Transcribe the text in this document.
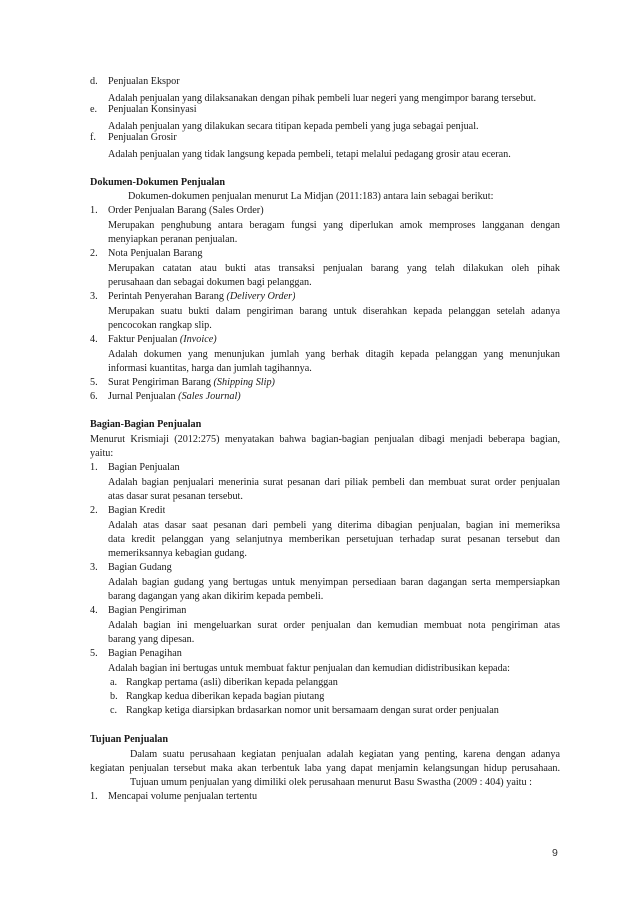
d. Penjualan Ekspor
Adalah penjualan yang dilaksanakan dengan pihak pembeli luar negeri yang mengimpor barang tersebut.
e. Penjualan Konsinyasi
Adalah penjualan yang dilakukan secara titipan kepada pembeli yang juga sebagai penjual.
f. Penjualan Grosir
Adalah penjualan yang tidak langsung kepada pembeli, tetapi melalui pedagang grosir atau eceran.
Dokumen-Dokumen Penjualan
Dokumen-dokumen penjualan menurut La Midjan (2011:183) antara lain sebagai berikut:
1. Order Penjualan Barang (Sales Order)
Merupakan penghubung antara beragam fungsi yang diperlukan amok memproses langganan dengan
menyiapkan peranan penjualan.
2. Nota Penjualan Barang
Merupakan catatan atau bukti atas transaksi penjualan barang yang telah dilakukan oleh pihak
perusahaan dan sebagai dokumen bagi pelanggan.
3. Perintah Penyerahan Barang (Delivery Order)
Merupakan suatu bukti dalam pengiriman barang untuk diserahkan kepada pelanggan setelah adanya
pencocokan rangkap slip.
4. Faktur Penjualan (Invoice)
Adalah dokumen yang menunjukan jumlah yang berhak ditagih kepada pelanggan yang menunjukan
informasi kuantitas, harga dan jumlah tagihannya.
5. Surat Pengiriman Barang (Shipping Slip)
6. Jurnal Penjualan (Sales Journal)
Bagian-Bagian Penjualan
Menurut Krismiaji (2012:275) menyatakan bahwa bagian-bagian penjualan dibagi menjadi beberapa bagian,
yaitu:
1. Bagian Penjualan
Adalah bagian penjualari menerinia surat pesanan dari piliak pembeli dan membuat surat order penjualan
atas dasar surat pesanan tersebut.
2. Bagian Kredit
Adalah atas dasar saat pesanan dari pembeli yang diterima dibagian penjualan, bagian ini memeriksa
data kredit pelanggan yang selanjutnya memberikan persetujuan terhadap surat pesanan tersebut dan
memeriksannya kebagian gudang.
3. Bagian Gudang
Adalah bagian gudang yang bertugas untuk menyimpan persediaan baran dagangan serta mempersiapkan
barang dagangan yang akan dikirim kepada pembeli.
4. Bagian Pengiriman
Adalah bagian ini mengeluarkan surat order penjualan dan kemudian membuat nota pengiriman atas
barang yang dipesan.
5. Bagian Penagihan
Adalah bagian ini bertugas untuk membuat faktur penjualan dan kemudian didistribusikan kepada:
a. Rangkap pertama (asli) diberikan kepada pelanggan
b. Rangkap kedua diberikan kepada bagian piutang
c. Rangkap ketiga diarsipkan brdasarkan nomor unit bersamaam dengan surat order penjualan
Tujuan Penjualan
Dalam suatu perusahaan kegiatan penjualan adalah kegiatan yang penting, karena dengan adanya
kegiatan penjualan tersebut maka akan terbentuk laba yang dapat menjamin kelangsungan hidup perusahaan.
Tujuan umum penjualan yang dimiliki olek perusahaan menurut Basu Swastha (2009 : 404) yaitu :
1. Mencapai volume penjualan tertentu
9
